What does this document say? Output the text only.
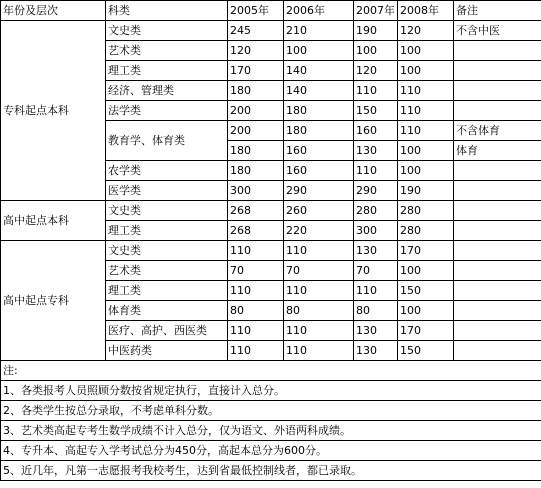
年份及层次	科类	2005年	2006年	2007年	2008年	备注
专科起点本科	文史类	245	210	190	120	不含中医
	艺术类	120	100	100	100	
	理工类	170	140	120	100	
	经济、管理类	180	140	110	110	
	法学类	200	180	150	110	
	教育学、体育类	200	180	160	110	不含体育
		180	160	130	100	体育
	农学类	180	160	110	100	
	医学类	300	290	290	190	
高中起点本科	文史类	268	260	280	280	
	理工类	268	220	300	280	
高中起点专科	文史类	110	110	130	170	
	艺术类	70	70	70	100	
	理工类	110	110	110	150	
	体育类	80	80	80	100	
	医疗、高护、西医类	110	110	130	170	
	中医药类	110	110	130	150	
注:						
1、各类报考人员照顾分数按省规定执行，直接计入总分。						
2、各类学生按总分录取，不考虑单科分数。						
3、艺术类高起专考生数学成绩不计入总分，仅为语文、外语两科成绩。						
4、专升本、高起专入学考试总分为450分，高起本总分为600分。						
5、近几年，凡第一志愿报考我校考生，达到省最低控制线者，都已录取。						
